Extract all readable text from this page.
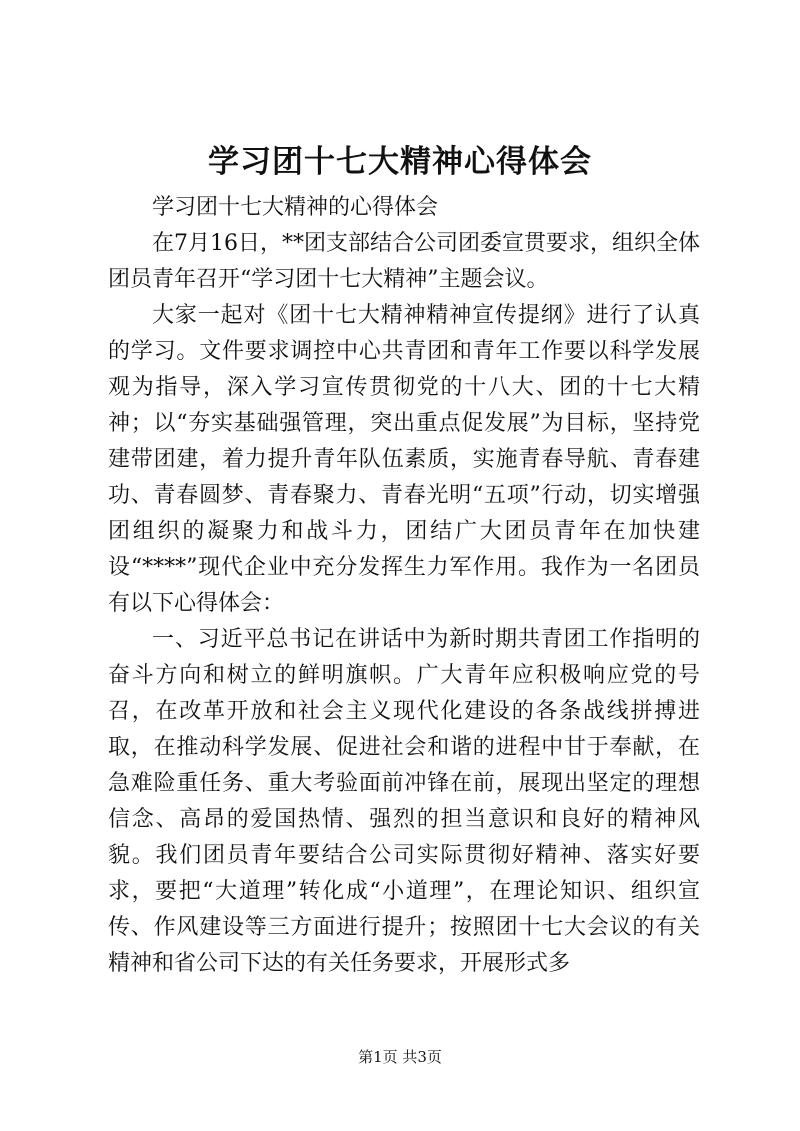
学习团十七大精神心得体会

学习团十七大精神的心得体会

在7月16日，**团支部结合公司团委宣贯要求，组织全体团员青年召开“学习团十七大精神”主题会议。

大家一起对《团十七大精神精神宣传提纲》进行了认真的学习。文件要求调控中心共青团和青年工作要以科学发展观为指导，深入学习宣传贯彻党的十八大、团的十七大精神；以“夯实基础强管理，突出重点促发展”为目标，坚持党建带团建，着力提升青年队伍素质，实施青春导航、青春建功、青春圆梦、青春聚力、青春光明“五项”行动，切实增强团组织的凝聚力和战斗力，团结广大团员青年在加快建设“****”现代企业中充分发挥生力军作用。我作为一名团员有以下心得体会：

一、习近平总书记在讲话中为新时期共青团工作指明的奋斗方向和树立的鲜明旗帜。广大青年应积极响应党的号召，在改革开放和社会主义现代化建设的各条战线拼搏进取，在推动科学发展、促进社会和谐的进程中甘于奉献，在急难险重任务、重大考验面前冲锋在前，展现出坚定的理想信念、高昂的爱国热情、强烈的担当意识和良好的精神风貌。我们团员青年要结合公司实际贯彻好精神、落实好要求，要把“大道理”转化成“小道理”，在理论知识、组织宣传、作风建设等三方面进行提升；按照团十七大会议的有关精神和省公司下达的有关任务要求，开展形式多

第1页 共3页
